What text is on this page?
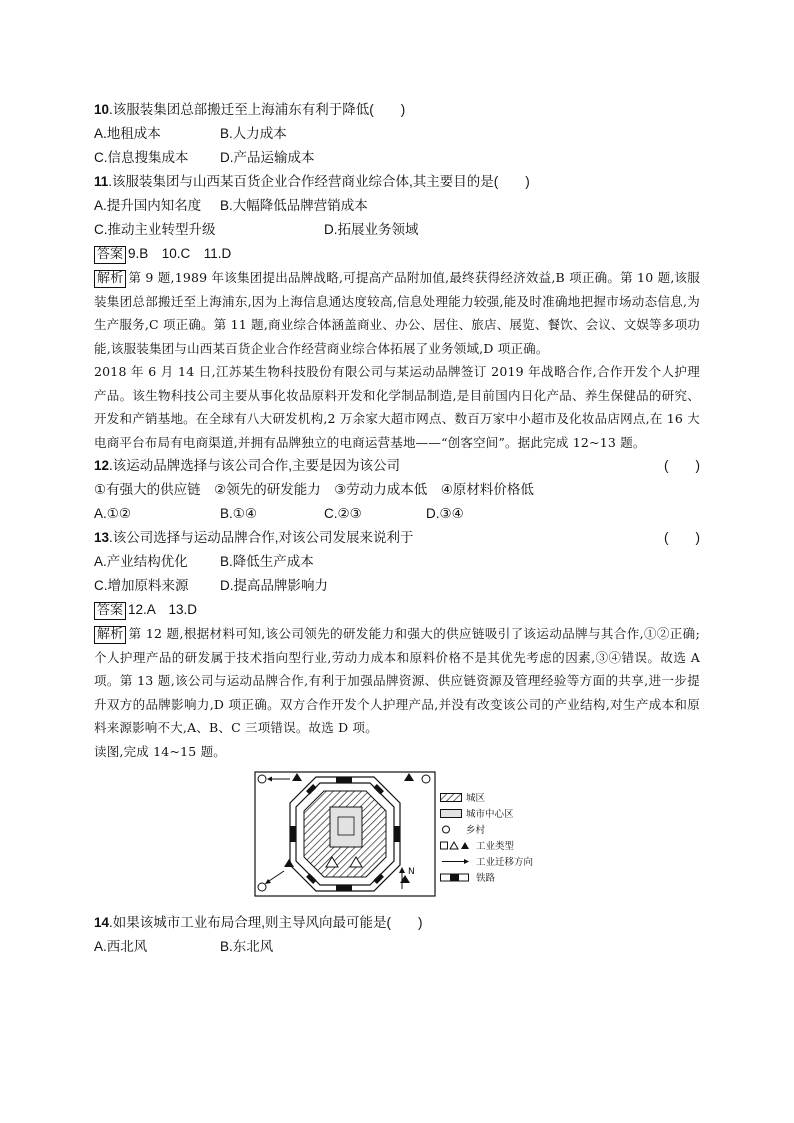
10.该服装集团总部搬迁至上海浦东有利于降低(　　)
A.地租成本	B.人力成本
C.信息搜集成本	D.产品运输成本
11.该服装集团与山西某百货企业合作经营商业综合体,其主要目的是(　　)
A.提升国内知名度	B.大幅降低品牌营销成本
C.推动主业转型升级	D.拓展业务领域
答案 9.B　10.C　11.D
解析 第 9 题,1989 年该集团提出品牌战略,可提高产品附加值,最终获得经济效益,B 项正确。第 10 题,该服装集团总部搬迁至上海浦东,因为上海信息通达度较高,信息处理能力较强,能及时准确地把握市场动态信息,为生产服务,C 项正确。第 11 题,商业综合体涵盖商业、办公、居住、旅店、展览、餐饮、会议、文娱等多项功能,该服装集团与山西某百货企业合作经营商业综合体拓展了业务领域,D 项正确。
2018 年 6 月 14 日,江苏某生物科技股份有限公司与某运动品牌签订 2019 年战略合作,合作开发个人护理产品。该生物科技公司主要从事化妆品原料开发和化学制品制造,是目前国内日化产品、养生保健品的研究、开发和产销基地。在全球有八大研发机构,2 万余家大超市网点、数百万家中小超市及化妆品店网点,在 16 大电商平台布局有电商渠道,并拥有品牌独立的电商运营基地——“创客空间”。据此完成 12~13 题。
12.该运动品牌选择与该公司合作,主要是因为该公司	(　　)
①有强大的供应链　②领先的研发能力　③劳动力成本低　④原材料价格低
A.①②	B.①④	C.②③	D.③④
13.该公司选择与运动品牌合作,对该公司发展来说利于	(　　)
A.产业结构优化	B.降低生产成本
C.增加原料来源	D.提高品牌影响力
答案 12.A　13.D
解析 第 12 题,根据材料可知,该公司领先的研发能力和强大的供应链吸引了该运动品牌与其合作,①②正确;个人护理产品的研发属于技术指向型行业,劳动力成本和原料价格不是其优先考虑的因素,③④错误。故选 A 项。第 13 题,该公司与运动品牌合作,有利于加强品牌资源、供应链资源及管理经验等方面的共享,进一步提升双方的品牌影响力,D 项正确。双方合作开发个人护理产品,并没有改变该公司的产业结构,对生产成本和原料来源影响不大,A、B、C 三项错误。故选 D 项。
读图,完成 14~15 题。
N
城区
城市中心区
乡村
工业类型
工业迁移方向
铁路
14.如果该城市工业布局合理,则主导风向最可能是(　　)
A.西北风	B.东北风
